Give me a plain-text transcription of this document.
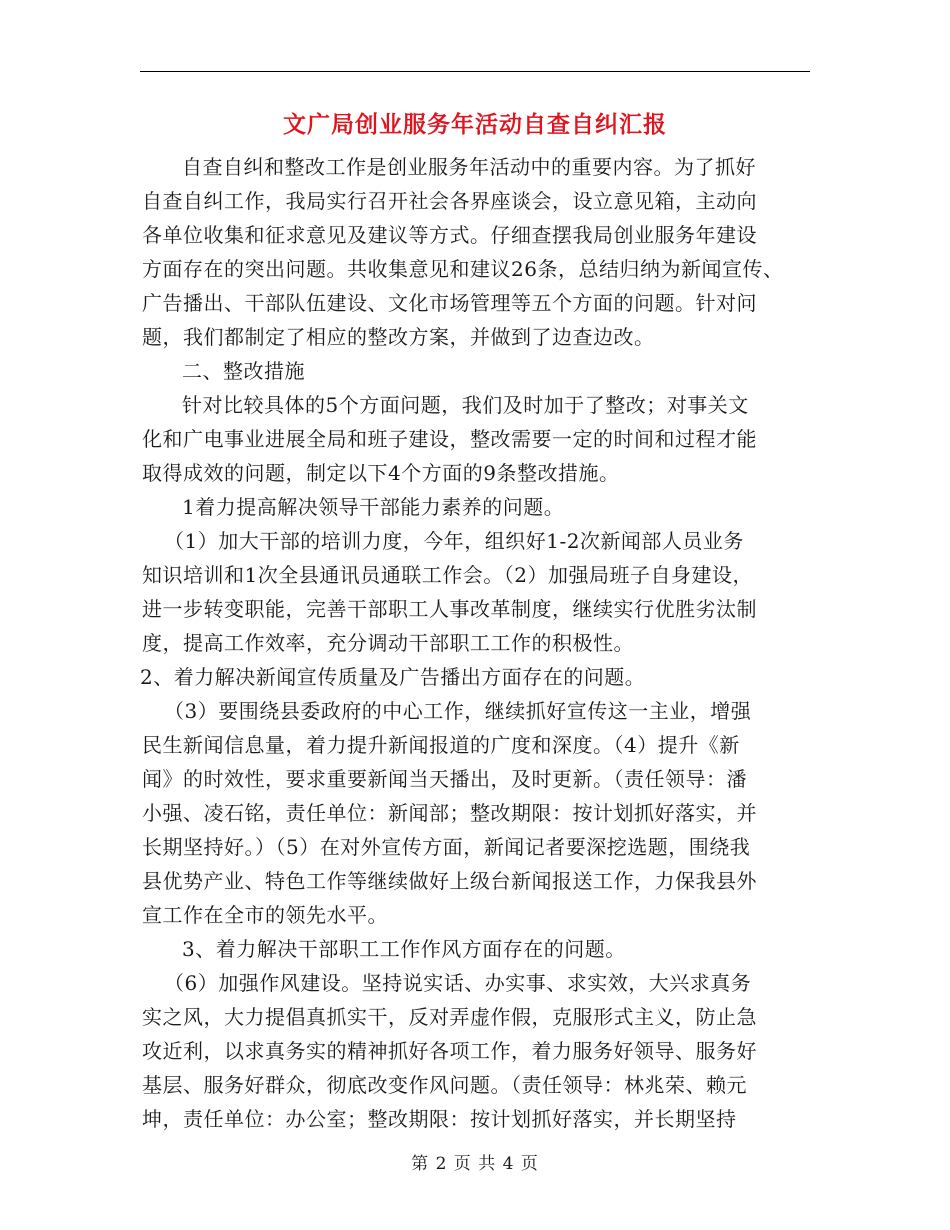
文广局创业服务年活动自查自纠汇报
自查自纠和整改工作是创业服务年活动中的重要内容。为了抓好
自查自纠工作，我局实行召开社会各界座谈会，设立意见箱，主动向
各单位收集和征求意见及建议等方式。仔细查摆我局创业服务年建设
方面存在的突出问题。共收集意见和建议26条，总结归纳为新闻宣传、
广告播出、干部队伍建设、文化市场管理等五个方面的问题。针对问
题，我们都制定了相应的整改方案，并做到了边查边改。
二、整改措施
针对比较具体的5个方面问题，我们及时加于了整改；对事关文
化和广电事业进展全局和班子建设，整改需要一定的时间和过程才能
取得成效的问题，制定以下4个方面的9条整改措施。
1着力提高解决领导干部能力素养的问题。
（1）加大干部的培训力度，今年，组织好1-2次新闻部人员业务
知识培训和1次全县通讯员通联工作会。（2）加强局班子自身建设，
进一步转变职能，完善干部职工人事改革制度，继续实行优胜劣汰制
度，提高工作效率，充分调动干部职工工作的积极性。
2、着力解决新闻宣传质量及广告播出方面存在的问题。
（3）要围绕县委政府的中心工作，继续抓好宣传这一主业，增强
民生新闻信息量，着力提升新闻报道的广度和深度。（4）提升《新
闻》的时效性，要求重要新闻当天播出，及时更新。（责任领导：潘
小强、凌石铭，责任单位：新闻部；整改期限：按计划抓好落实，并
长期坚持好。）（5）在对外宣传方面，新闻记者要深挖选题，围绕我
县优势产业、特色工作等继续做好上级台新闻报送工作，力保我县外
宣工作在全市的领先水平。
3、着力解决干部职工工作作风方面存在的问题。
（6）加强作风建设。坚持说实话、办实事、求实效，大兴求真务
实之风，大力提倡真抓实干，反对弄虚作假，克服形式主义，防止急
攻近利，以求真务实的精神抓好各项工作，着力服务好领导、服务好
基层、服务好群众，彻底改变作风问题。（责任领导：林兆荣、赖元
坤，责任单位：办公室；整改期限：按计划抓好落实，并长期坚持
第 2 页 共 4 页
